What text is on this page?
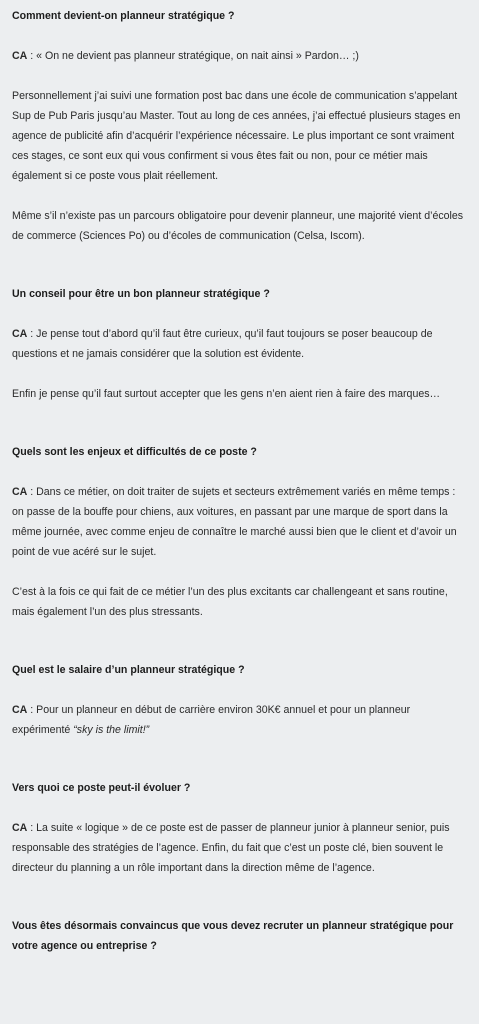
Comment devient-on planneur stratégique ?

CA : « On ne devient pas planneur stratégique, on nait ainsi » Pardon… ;)

Personnellement j’ai suivi une formation post bac dans une école de communication s’appelant Sup de Pub Paris jusqu’au Master. Tout au long de ces années, j’ai effectué plusieurs stages en agence de publicité afin d’acquérir l’expérience nécessaire. Le plus important ce sont vraiment ces stages, ce sont eux qui vous confirment si vous êtes fait ou non, pour ce métier mais également si ce poste vous plait réellement.

Même s’il n’existe pas un parcours obligatoire pour devenir planneur, une majorité vient d’écoles de commerce (Sciences Po) ou d’écoles de communication (Celsa, Iscom).

Un conseil pour être un bon planneur stratégique ?

CA : Je pense tout d’abord qu’il faut être curieux, qu’il faut toujours se poser beaucoup de questions et ne jamais considérer que la solution est évidente.

Enfin je pense qu’il faut surtout accepter que les gens n’en aient rien à faire des marques…

Quels sont les enjeux et difficultés de ce poste ?

CA : Dans ce métier, on doit traiter de sujets et secteurs extrêmement variés en même temps : on passe de la bouffe pour chiens, aux voitures, en passant par une marque de sport dans la même journée, avec comme enjeu de connaître le marché aussi bien que le client et d’avoir un point de vue acéré sur le sujet.

C’est à la fois ce qui fait de ce métier l’un des plus excitants car challengeant et sans routine, mais également l’un des plus stressants.

Quel est le salaire d’un planneur stratégique ?

CA : Pour un planneur en début de carrière environ 30K€ annuel et pour un planneur expérimenté “sky is the limit!”

Vers quoi ce poste peut-il évoluer ?

CA : La suite « logique » de ce poste est de passer de planneur junior à planneur senior, puis responsable des stratégies de l’agence. Enfin, du fait que c’est un poste clé, bien souvent le directeur du planning a un rôle important dans la direction même de l’agence.

Vous êtes désormais convaincus que vous devez recruter un planneur stratégique pour votre agence ou entreprise ?
